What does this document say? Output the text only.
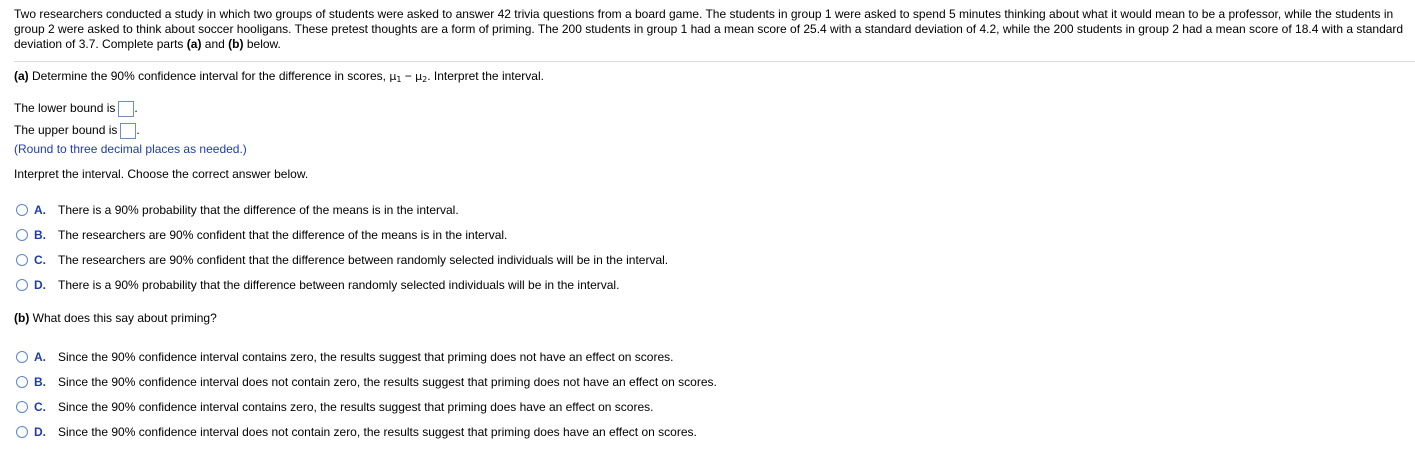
Two researchers conducted a study in which two groups of students were asked to answer 42 trivia questions from a board game. The students in group 1 were asked to spend 5 minutes thinking about what it would mean to be a professor, while the students in group 2 were asked to think about soccer hooligans. These pretest thoughts are a form of priming. The 200 students in group 1 had a mean score of 25.4 with a standard deviation of 4.2, while the 200 students in group 2 had a mean score of 18.4 with a standard deviation of 3.7. Complete parts (a) and (b) below.
(a) Determine the 90% confidence interval for the difference in scores, $\mu_1 - \mu_2$. Interpret the interval.
The lower bound is .
The upper bound is .
(Round to three decimal places as needed.)
Interpret the interval. Choose the correct answer below.
A.	There is a 90% probability that the difference of the means is in the interval.
B.	The researchers are 90% confident that the difference of the means is in the interval.
C.	The researchers are 90% confident that the difference between randomly selected individuals will be in the interval.
D.	There is a 90% probability that the difference between randomly selected individuals will be in the interval.
(b) What does this say about priming?
A.	Since the 90% confidence interval contains zero, the results suggest that priming does not have an effect on scores.
B.	Since the 90% confidence interval does not contain zero, the results suggest that priming does not have an effect on scores.
C.	Since the 90% confidence interval contains zero, the results suggest that priming does have an effect on scores.
D.	Since the 90% confidence interval does not contain zero, the results suggest that priming does have an effect on scores.
